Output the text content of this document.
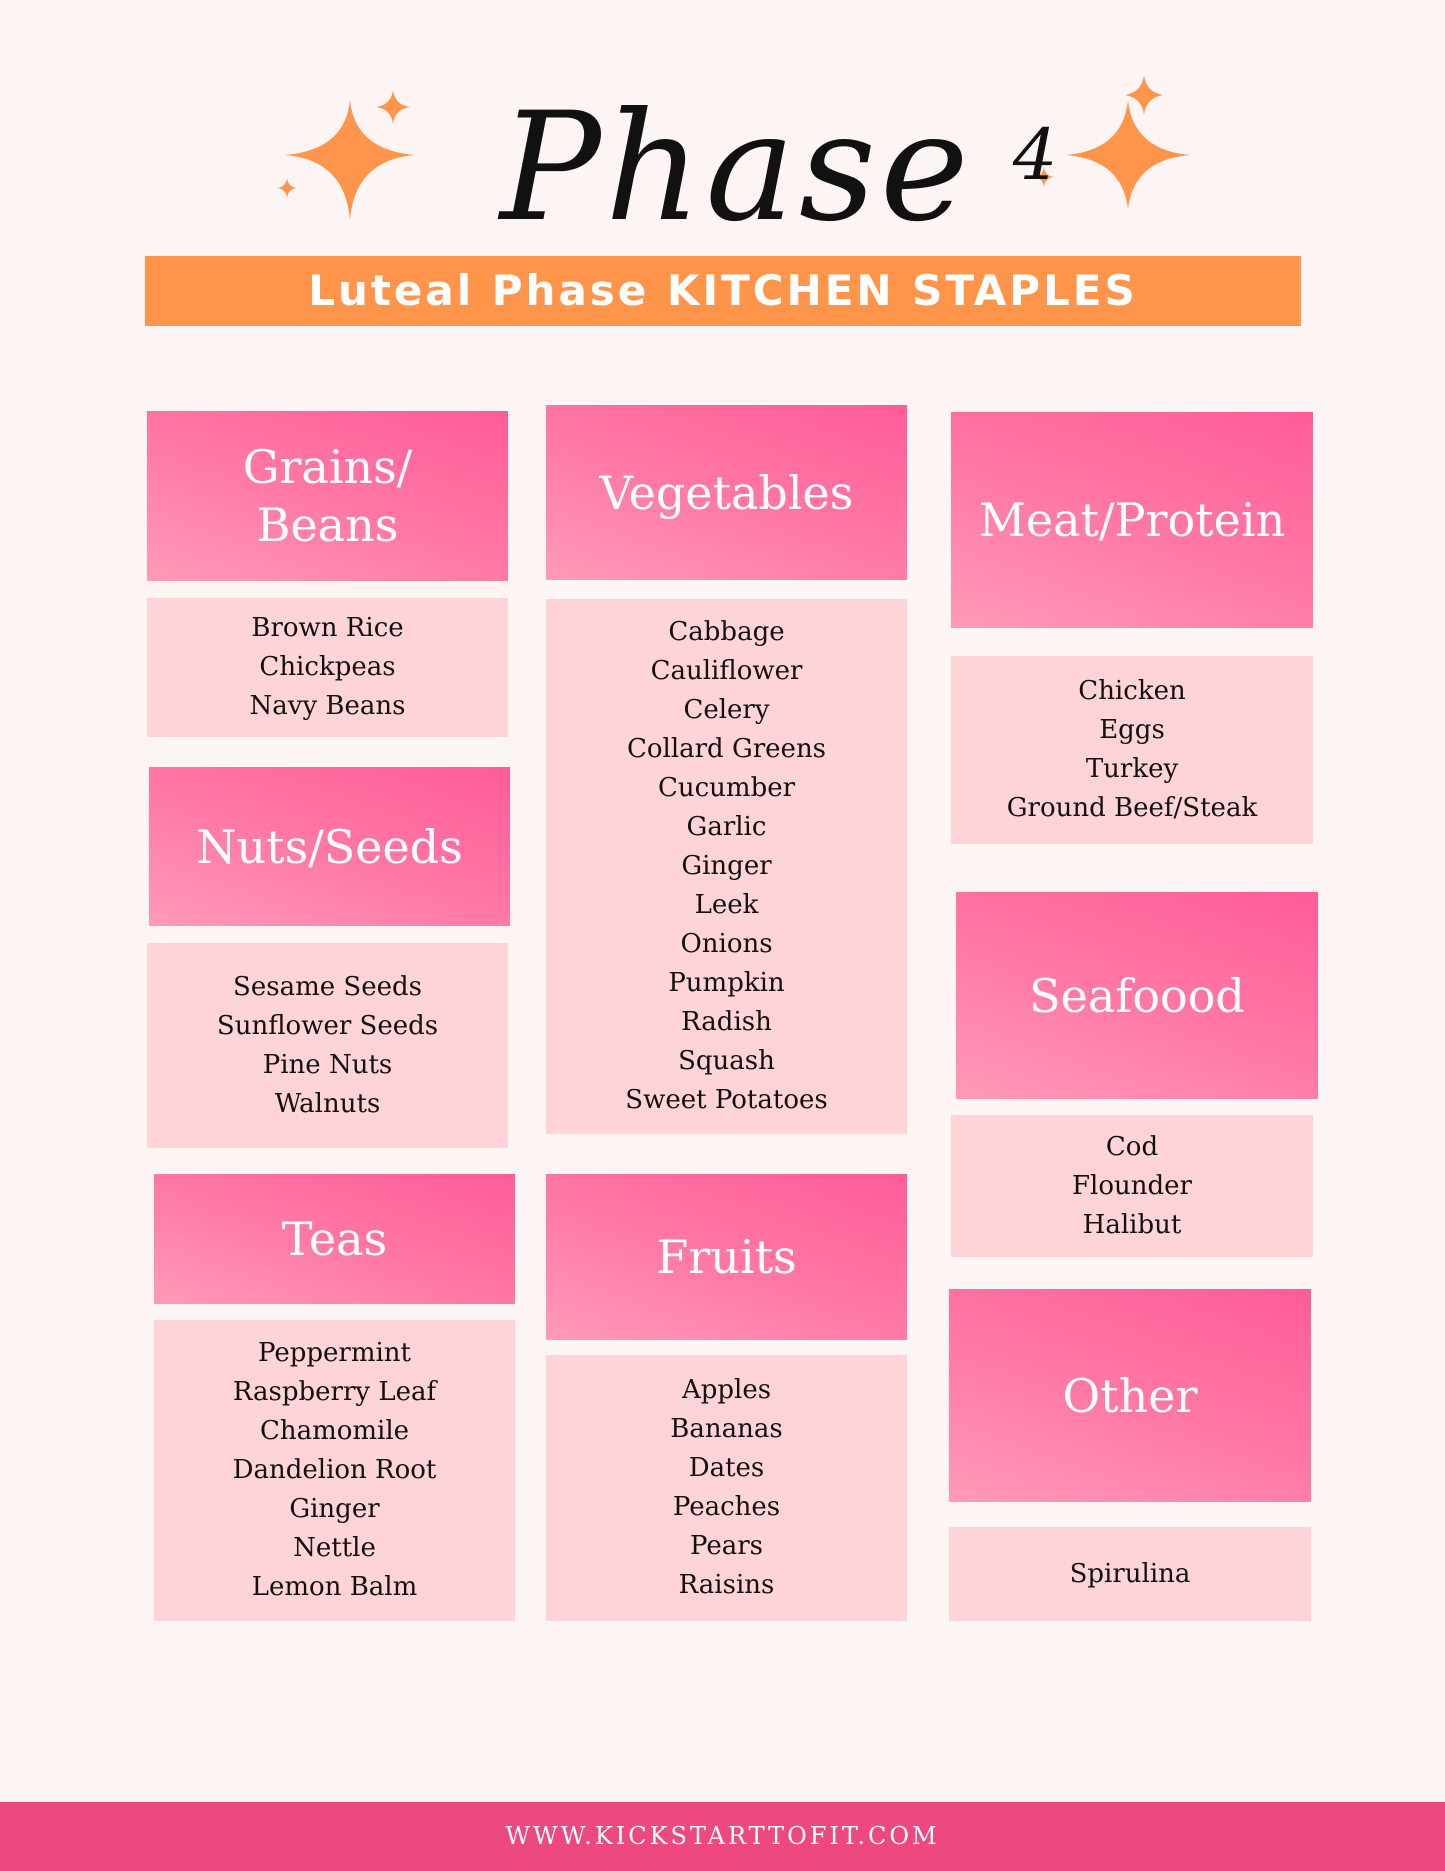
Phase $^4$
Luteal Phase KITCHEN STAPLES
Grains/
Beans
Brown Rice
Chickpeas
Navy Beans
Nuts/Seeds
Sesame Seeds
Sunflower Seeds
Pine Nuts
Walnuts
Teas
Peppermint
Raspberry Leaf
Chamomile
Dandelion Root
Ginger
Nettle
Lemon Balm
Vegetables
Cabbage
Cauliflower
Celery
Collard Greens
Cucumber
Garlic
Ginger
Leek
Onions
Pumpkin
Radish
Squash
Sweet Potatoes
Fruits
Apples
Bananas
Dates
Peaches
Pears
Raisins
Meat/Protein
Chicken
Eggs
Turkey
Ground Beef/Steak
Seafoood
Cod
Flounder
Halibut
Other
Spirulina
WWW.KICKSTARTTOFIT.COM
